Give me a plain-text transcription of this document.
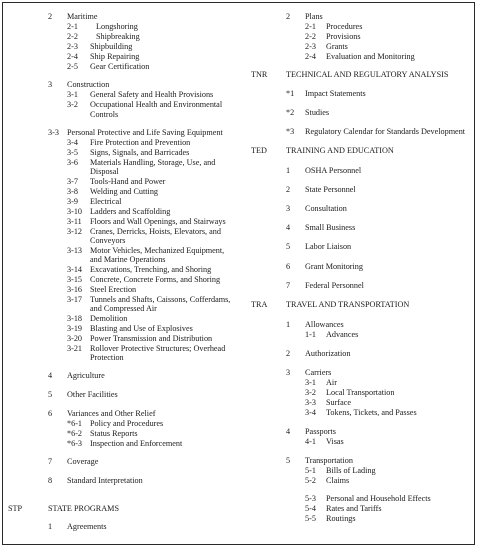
2 Maritime
2-1 Longshoring
2-2 Shipbreaking
2-3 Shipbuilding
2-4 Ship Repairing
2-5 Gear Certification
3 Construction
3-1 General Safety and Health Provisions
3-2 Occupational Health and Environmental
Controls
3-3 Personal Protective and Life Saving Equipment
3-4 Fire Protection and Prevention
3-5 Signs, Signals, and Barricades
3-6 Materials Handling, Storage, Use, and
Disposal
3-7 Tools-Hand and Power
3-8 Welding and Cutting
3-9 Electrical
3-10 Ladders and Scaffolding
3-11 Floors and Wall Openings, and Stairways
3-12 Cranes, Derricks, Hoists, Elevators, and
Conveyors
3-13 Motor Vehicles, Mechanized Equipment,
and Marine Operations
3-14 Excavations, Trenching, and Shoring
3-15 Concrete, Concrete Forms, and Shoring
3-16 Steel Erection
3-17 Tunnels and Shafts, Caissons, Cofferdams,
and Compressed Air
3-18 Demolition
3-19 Blasting and Use of Explosives
3-20 Power Transmission and Distribution
3-21 Rollover Protective Structures; Overhead
Protection
4 Agriculture
5 Other Facilities
6 Variances and Other Relief
*6-1 Policy and Procedures
*6-2 Status Reports
*6-3 Inspection and Enforcement
7 Coverage
8 Standard Interpretation
STP	STATE PROGRAMS
1 Agreements
2 Plans
2-1 Procedures
2-2 Provisions
2-3 Grants
2-4 Evaluation and Monitoring
TNR TECHNICAL AND REGULATORY ANALYSIS
*1 Impact Statements
*2 Studies
*3 Regulatory Calendar for Standards Development
TED TRAINING AND EDUCATION
1 OSHA Personnel
2 State Personnel
3 Consultation
4 Small Business
5 Labor Liaison
6 Grant Monitoring
7 Federal Personnel
TRA TRAVEL AND TRANSPORTATION
1 Allowances
1-1 Advances
2 Authorization
3 Carriers
3-1 Air
3-2 Local Transportation
3-3 Surface
3-4 Tokens, Tickets, and Passes
4 Passports
4-1 Visas
5 Transportation
5-1 Bills of Lading
5-2 Claims
5-3 Personal and Household Effects
5-4 Rates and Tariffs
5-5 Routings
